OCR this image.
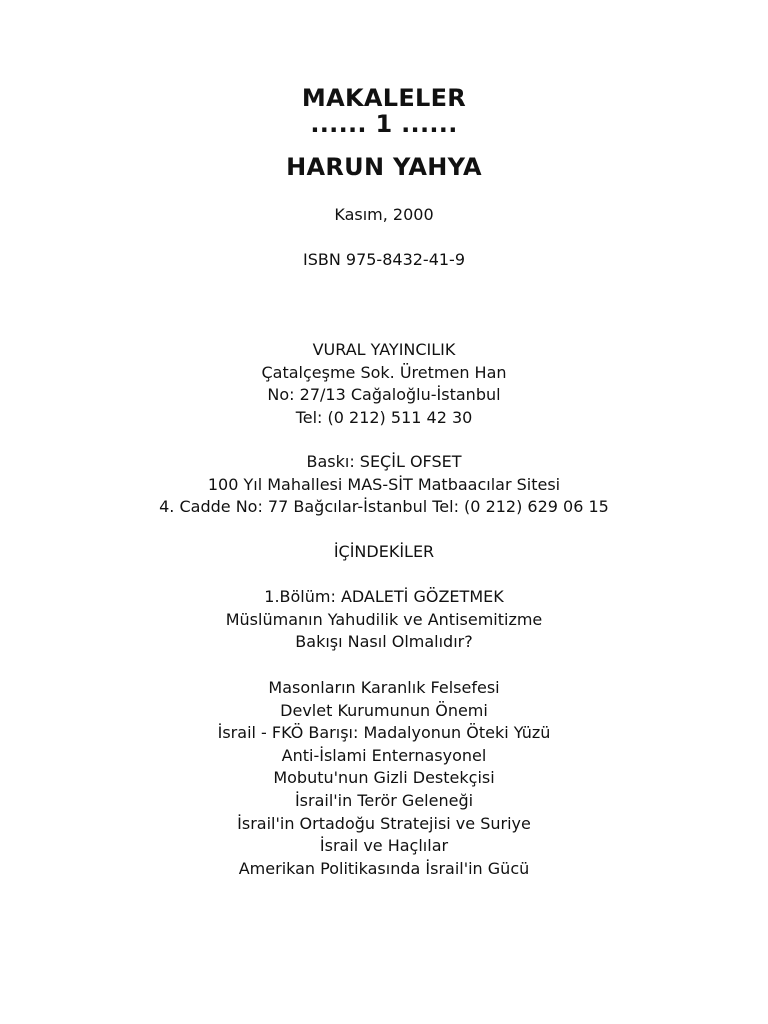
MAKALELER
...... 1 ......
HARUN YAHYA
Kasım, 2000
ISBN 975-8432-41-9
VURAL YAYINCILIK
Çatalçeşme Sok. Üretmen Han
No: 27/13 Cağaloğlu-İstanbul
Tel: (0 212) 511 42 30
Baskı: SEÇİL OFSET
100 Yıl Mahallesi MAS-SİT Matbaacılar Sitesi
4. Cadde No: 77 Bağcılar-İstanbul Tel: (0 212) 629 06 15
İÇİNDEKİLER
1.Bölüm: ADALETİ GÖZETMEK
Müslümanın Yahudilik ve Antisemitizme
Bakışı Nasıl Olmalıdır?
Masonların Karanlık Felsefesi
Devlet Kurumunun Önemi
İsrail - FKÖ Barışı: Madalyonun Öteki Yüzü
Anti-İslami Enternasyonel
Mobutu'nun Gizli Destekçisi
İsrail'in Terör Geleneği
İsrail'in Ortadoğu Stratejisi ve Suriye
İsrail ve Haçlılar
Amerikan Politikasında İsrail'in Gücü
